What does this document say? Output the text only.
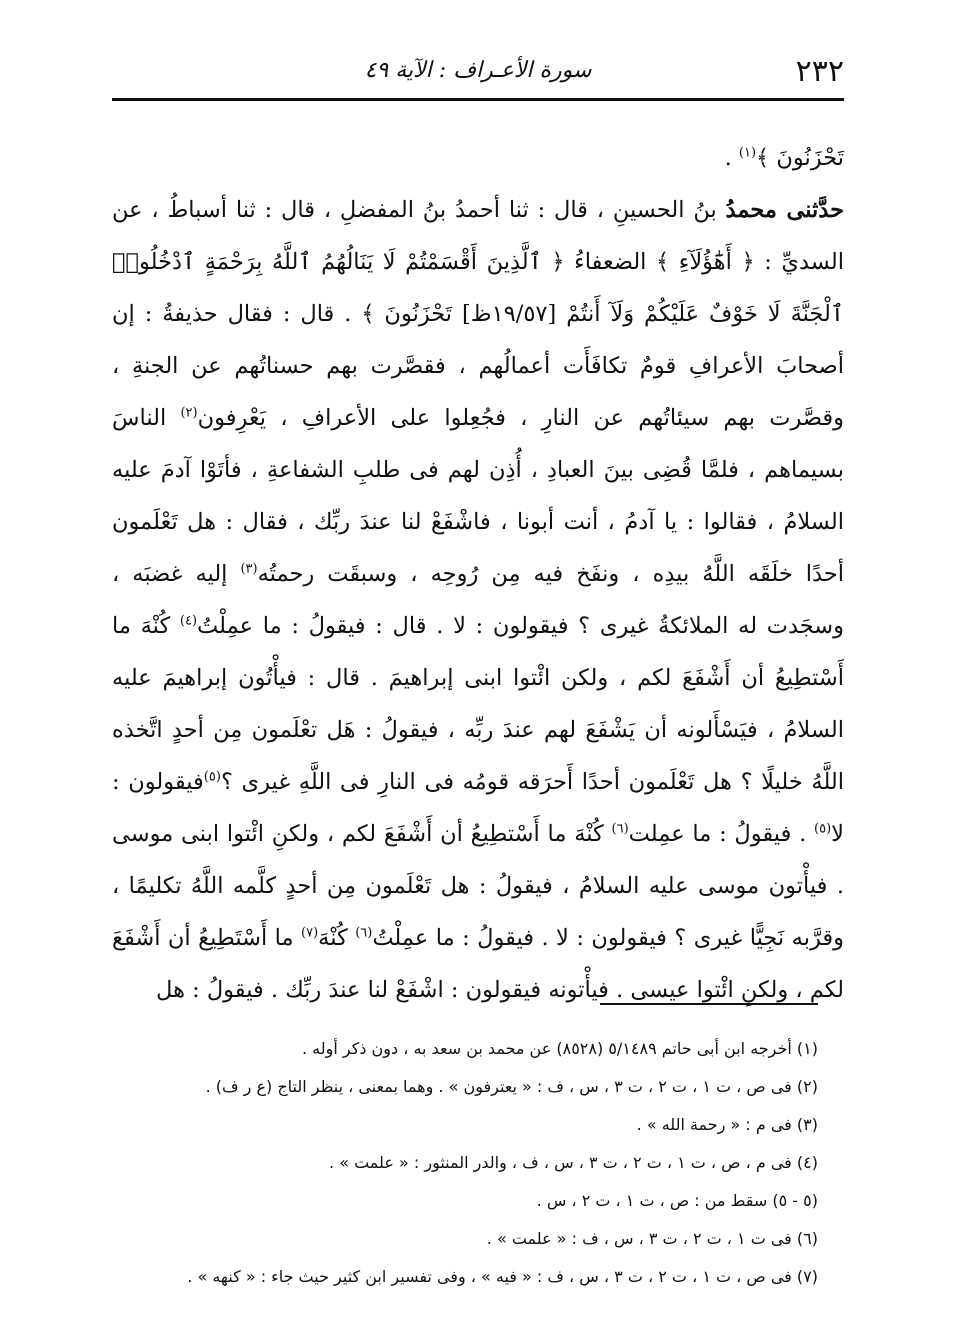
٢٣٢
سورة الأعـراف : الآية ٤٩

تَحْزَنُونَ ﴾$^{(١)}$ .

حدَّثنى محمدُ بنُ الحسينِ ، قال : ثنا أحمدُ بنُ المفضلِ ، قال : ثنا أسباطُ ، عن السديِّ : ﴿ أَهَٰٓؤُلَآءِ ﴾ الضعفاءُ ﴿ ٱلَّذِينَ أَقْسَمْتُمْ لَا يَنَالُهُمُ ٱللَّهُ بِرَحْمَةٍ ٱدْخُلُوا۟ ٱلْجَنَّةَ لَا خَوْفٌ عَلَيْكُمْ وَلَآ أَنتُمْ [١٩/٥٧ظ] تَحْزَنُونَ ﴾ . قال : فقال حذيفةُ : إن أصحابَ الأعرافِ قومٌ تكافَأَت أعمالُهم ، فقصَّرت بهم حسناتُهم عن الجنةِ ، وقصَّرت بهم سيئاتُهم عن النارِ ، فجُعِلوا على الأعرافِ ، يَعْرِفون$^{(٢)}$ الناسَ بسيماهم ، فلمَّا قُضِى بينَ العبادِ ، أُذِن لهم فى طلبِ الشفاعةِ ، فأتَوْا آدمَ عليه السلامُ ، فقالوا : يا آدمُ ، أنت أبونا ، فاشْفَعْ لنا عندَ ربِّك ، فقال : هل تَعْلَمون أحدًا خلَقَه اللَّهُ بيدِه ، ونفَخ فيه مِن رُوحِه ، وسبقَت رحمتُه$^{(٣)}$ إليه غضبَه ، وسجَدت له الملائكةُ غيرى ؟ فيقولون : لا . قال : فيقولُ : ما عمِلْتُ$^{(٤)}$ كُنْهَ ما أَسْتطِيعُ أن أَشْفَعَ لكم ، ولكن ائْتوا ابنى إبراهيمَ . قال : فيأْتُون إبراهيمَ عليه السلامُ ، فيَسْأَلونه أن يَشْفَعَ لهم عندَ ربِّه ، فيقولُ : هَل تعْلَمون مِن أحدٍ اتَّخذه اللَّهُ خليلًا ؟ هل تَعْلَمون أحدًا أَحرَقه قومُه فى النارِ فى اللَّهِ غيرى ؟$^{(٥)}$فيقولون : لا$^{(٥)}$ . فيقولُ : ما عمِلت$^{(٦)}$ كُنْهَ ما أَسْتطِيعُ أن أَشْفَعَ لكم ، ولكنِ ائْتوا ابنى موسى . فيأْتون موسى عليه السلامُ ، فيقولُ : هل تَعْلَمون مِن أحدٍ كلَّمه اللَّهُ تكليمًا ، وقرَّبه نَجِيًّا غيرى ؟ فيقولون : لا . فيقولُ : ما عمِلْتُ$^{(٦)}$ كُنْهَ$^{(٧)}$ ما أَسْتَطِيعُ أن أَشْفَعَ لكم ، ولكنِ ائْتوا عيسى . فيأْتونه فيقولون : اشْفَعْ لنا عندَ ربِّك . فيقولُ : هل

(١) أخرجه ابن أبى حاتم ٥/١٤٨٩ (٨٥٢٨) عن محمد بن سعد به ، دون ذكر أوله .
(٢) فى ص ، ت ١ ، ت ٢ ، ت ٣ ، س ، ف : « يعترفون » . وهما بمعنى ، ينظر التاج (ع ر ف) .
(٣) فى م : « رحمة الله » .
(٤) فى م ، ص ، ت ١ ، ت ٢ ، ت ٣ ، س ، ف ، والدر المنثور : « علمت » .
(٥ - ٥) سقط من : ص ، ت ١ ، ت ٢ ، س .
(٦) فى ت ١ ، ت ٢ ، ت ٣ ، س ، ف : « علمت » .
(٧) فى ص ، ت ١ ، ت ٢ ، ت ٣ ، س ، ف : « فيه » ، وفى تفسير ابن كثير حيث جاء : « كنهه » .
